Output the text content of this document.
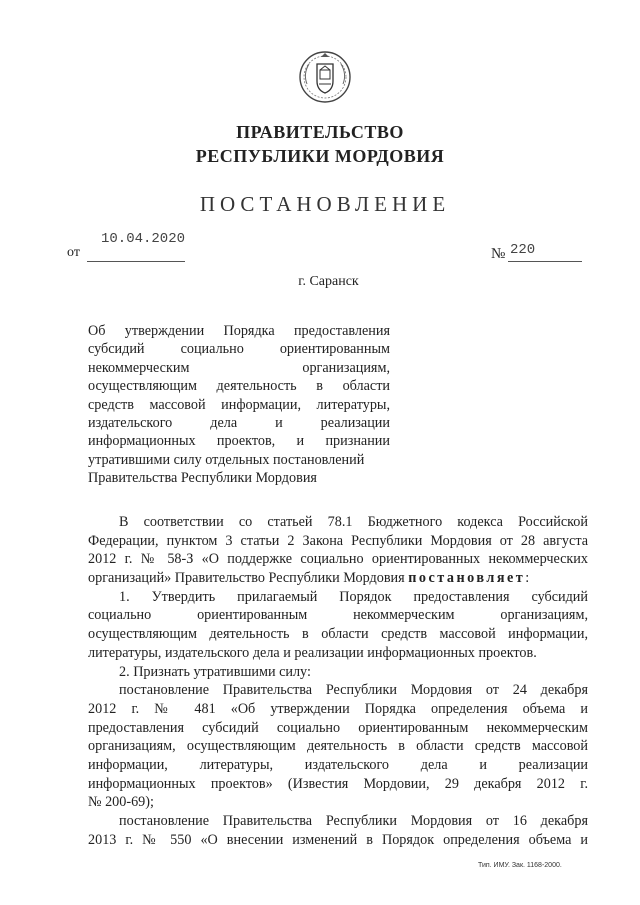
ПРАВИТЕЛЬСТВО
РЕСПУБЛИКИ МОРДОВИЯ
ПОСТАНОВЛЕНИЕ
от
10.04.2020
№ 220
г. Саранск
Об утверждении Порядка предоставления
субсидий социально ориентированным
некоммерческим организациям,
осуществляющим деятельность в области
средств массовой информации, литературы,
издательского дела и реализации
информационных проектов, и признании
утратившими силу отдельных постановлений
Правительства Республики Мордовия
В соответствии со статьей 78.1 Бюджетного кодекса Российской
Федерации, пунктом 3 статьи 2 Закона Республики Мордовия от 28 августа
2012 г. № 58-З «О поддержке социально ориентированных некоммерческих
организаций» Правительство Республики Мордовия постановляет:
1. Утвердить прилагаемый Порядок предоставления субсидий
социально ориентированным некоммерческим организациям,
осуществляющим деятельность в области средств массовой информации,
литературы, издательского дела и реализации информационных проектов.
2. Признать утратившими силу:
постановление Правительства Республики Мордовия от 24 декабря
2012 г. № 481 «Об утверждении Порядка определения объема и
предоставления субсидий социально ориентированным некоммерческим
организациям, осуществляющим деятельность в области средств массовой
информации, литературы, издательского дела и реализации
информационных проектов» (Известия Мордовии, 29 декабря 2012 г.
№ 200-69);
постановление Правительства Республики Мордовия от 16 декабря
2013 г. № 550 «О внесении изменений в Порядок определения объема и
Тип. ИМУ. Зак. 1168-2000.
